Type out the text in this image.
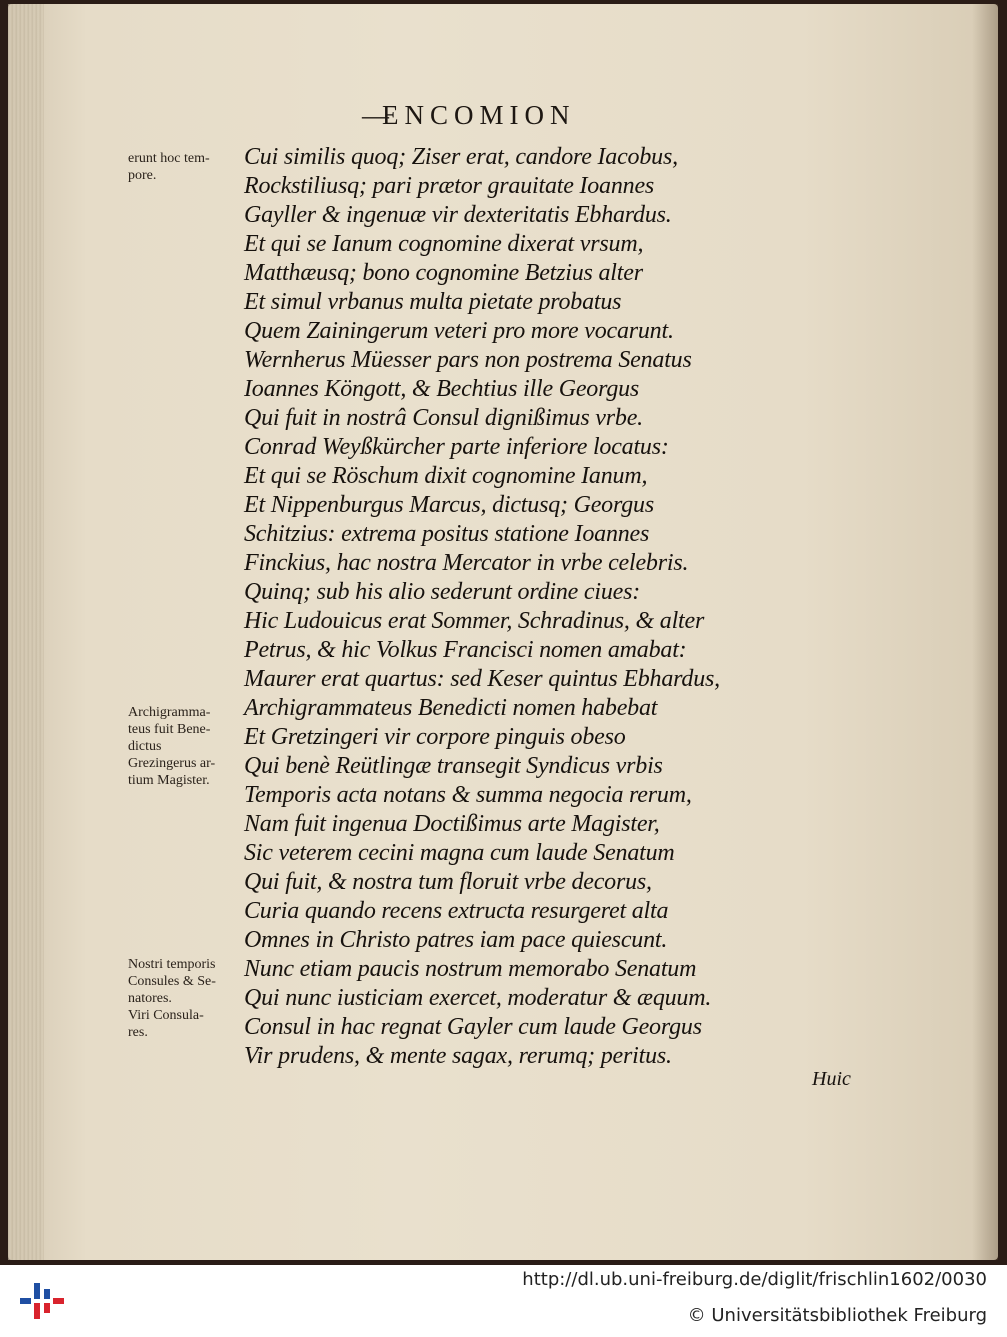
—
ENCOMION
erunt hoc tem-
pore.
Archigramma-
teus fuit Bene-
dictus
Grezingerus ar-
tium Magister.
Nostri temporis
Consules & Se-
natores.
Viri Consula-
res.
Cui similis quoq; Ziser erat, candore Iacobus,
Rockstiliusq; pari prætor grauitate Ioannes
Gayller & ingenuæ vir dexteritatis Ebhardus.
Et qui se Ianum cognomine dixerat vrsum,
Matthæusq; bono cognomine Betzius alter
Et simul vrbanus multa pietate probatus
Quem Zainingerum veteri pro more vocarunt.
Wernherus Müesser pars non postrema Senatus
Ioannes Köngott, & Bechtius ille Georgus
Qui fuit in nostrâ Consul dignißimus vrbe.
Conrad Weyßkürcher parte inferiore locatus:
Et qui se Röschum dixit cognomine Ianum,
Et Nippenburgus Marcus, dictusq; Georgus
Schitzius: extrema positus statione Ioannes
Finckius, hac nostra Mercator in vrbe celebris.
Quinq; sub his alio sederunt ordine ciues:
Hic Ludouicus erat Sommer, Schradinus, & alter
Petrus, & hic Volkus Francisci nomen amabat:
Maurer erat quartus: sed Keser quintus Ebhardus,
Archigrammateus Benedicti nomen habebat
Et Gretzingeri vir corpore pinguis obeso
Qui benè Reütlingæ transegit Syndicus vrbis
Temporis acta notans & summa negocia rerum,
Nam fuit ingenua Doctißimus arte Magister,
Sic veterem cecini magna cum laude Senatum
Qui fuit, & nostra tum floruit vrbe decorus,
Curia quando recens extructa resurgeret alta
Omnes in Christo patres iam pace quiescunt.
Nunc etiam paucis nostrum memorabo Senatum
Qui nunc iusticiam exercet, moderatur & æquum.
Consul in hac regnat Gayler cum laude Georgus
Vir prudens, & mente sagax, rerumq; peritus.
Huic
http://dl.ub.uni-freiburg.de/diglit/frischlin1602/0030
© Universitätsbibliothek Freiburg
